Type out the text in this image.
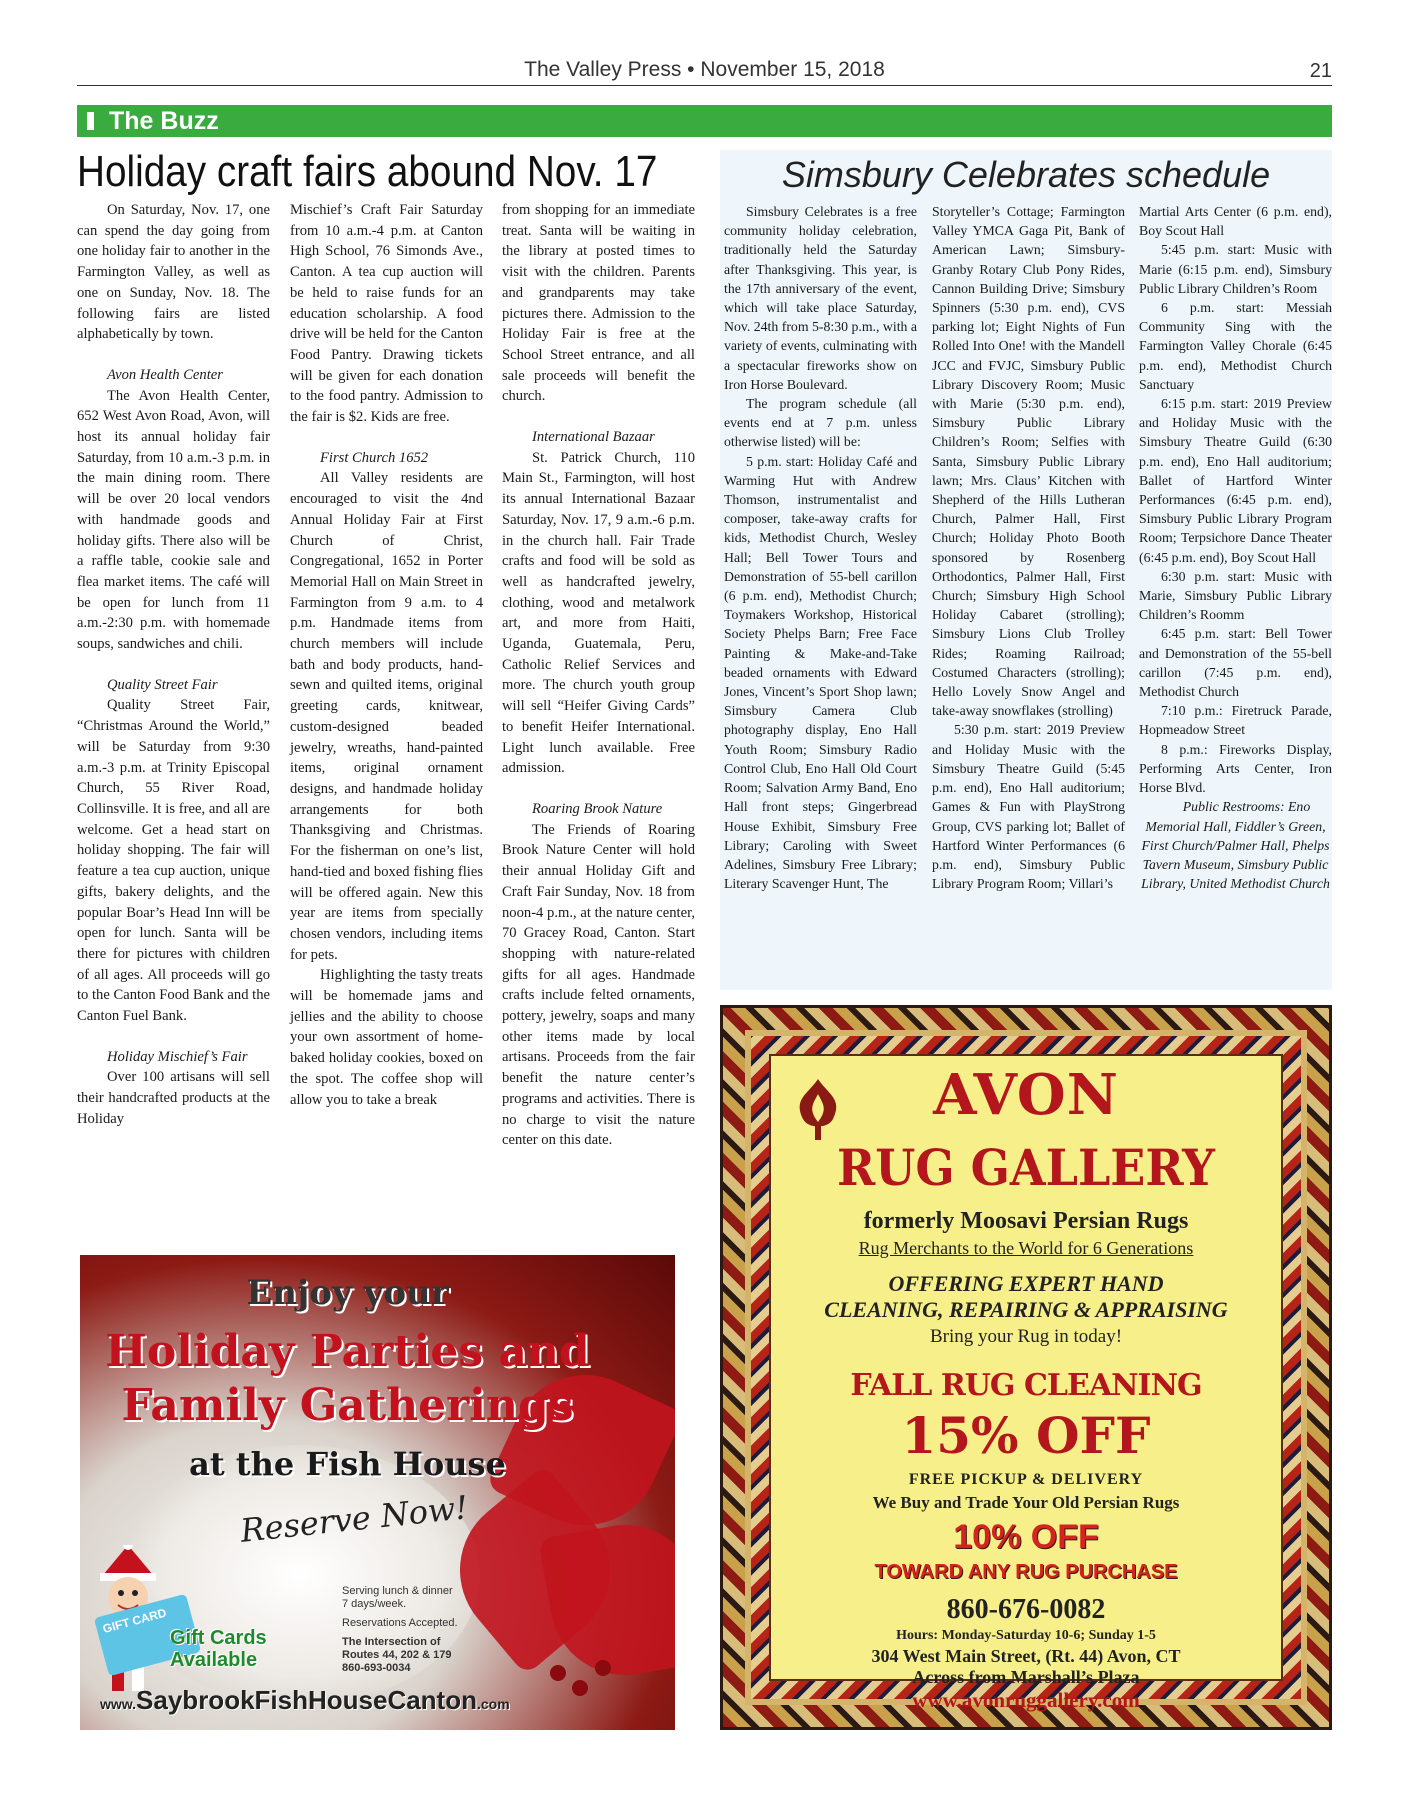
The Valley Press • November 15, 2018	21
The Buzz
Holiday craft fairs abound Nov. 17

On Saturday, Nov. 17, one can spend the day going from one holiday fair to another in the Farmington Valley, as well as one on Sunday, Nov. 18. The following fairs are listed alphabetically by town.

Avon Health Center

The Avon Health Center, 652 West Avon Road, Avon, will host its annual holiday fair Saturday, from 10 a.m.-3 p.m. in the main dining room. There will be over 20 local vendors with handmade goods and holiday gifts. There also will be a raffle table, cookie sale and flea market items. The café will be open for lunch from 11 a.m.-2:30 p.m. with homemade soups, sandwiches and chili.

Quality Street Fair

Quality Street Fair, “Christmas Around the World,” will be Saturday from 9:30 a.m.-3 p.m. at Trinity Episcopal Church, 55 River Road, Collinsville. It is free, and all are welcome. Get a head start on holiday shopping. The fair will feature a tea cup auction, unique gifts, bakery delights, and the popular Boar’s Head Inn will be open for lunch. Santa will be there for pictures with children of all ages. All proceeds will go to the Canton Food Bank and the Canton Fuel Bank.

Holiday Mischief’s Fair

Over 100 artisans will sell their handcrafted products at the Holiday

Mischief’s Craft Fair Saturday from 10 a.m.-4 p.m. at Canton High School, 76 Simonds Ave., Canton. A tea cup auction will be held to raise funds for an education scholarship. A food drive will be held for the Canton Food Pantry. Drawing tickets will be given for each donation to the food pantry. Admission to the fair is $2. Kids are free.

First Church 1652

All Valley residents are encouraged to visit the 4nd Annual Holiday Fair at First Church of Christ, Congregational, 1652 in Porter Memorial Hall on Main Street in Farmington from 9 a.m. to 4 p.m. Handmade items from church members will include bath and body products, hand-sewn and quilted items, original greeting cards, knitwear, custom-designed beaded jewelry, wreaths, hand-painted items, original ornament designs, and handmade holiday arrangements for both Thanksgiving and Christmas. For the fisherman on one’s list, hand-tied and boxed fishing flies will be offered again. New this year are items from specially chosen vendors, including items for pets.

Highlighting the tasty treats will be homemade jams and jellies and the ability to choose your own assortment of home-baked holiday cookies, boxed on the spot. The coffee shop will allow you to take a break

from shopping for an immediate treat. Santa will be waiting in the library at posted times to visit with the children. Parents and grandparents may take pictures there. Admission to the Holiday Fair is free at the School Street entrance, and all sale proceeds will benefit the church.

International Bazaar

St. Patrick Church, 110 Main St., Farmington, will host its annual International Bazaar Saturday, Nov. 17, 9 a.m.-6 p.m. in the church hall. Fair Trade crafts and food will be sold as well as handcrafted jewelry, clothing, wood and metalwork art, and more from Haiti, Uganda, Guatemala, Peru, Catholic Relief Services and more. The church youth group will sell “Heifer Giving Cards” to benefit Heifer International. Light lunch available. Free admission.

Roaring Brook Nature

The Friends of Roaring Brook Nature Center will hold their annual Holiday Gift and Craft Fair Sunday, Nov. 18 from noon-4 p.m., at the nature center, 70 Gracey Road, Canton. Start shopping with nature-related gifts for all ages. Handmade crafts include felted ornaments, pottery, jewelry, soaps and many other items made by local artisans. Proceeds from the fair benefit the nature center’s programs and activities. There is no charge to visit the nature center on this date.

Enjoy your
Holiday Parties and
Family Gatherings
at the Fish House
Reserve Now!
GIFT CARD
Gift Cards
Available
Serving lunch & dinner
7 days/week.
Reservations Accepted.
The Intersection of
Routes 44, 202 & 179
860-693-0034
www.SaybrookFishHouseCanton.com
Simsbury Celebrates schedule

Simsbury Celebrates is a free community holiday celebration, traditionally held the Saturday after Thanksgiving. This year, is the 17th anniversary of the event, which will take place Saturday, Nov. 24th from 5-8:30 p.m., with a variety of events, culminating with a spectacular fireworks show on Iron Horse Boulevard.

The program schedule (all events end at 7 p.m. unless otherwise listed) will be:

5 p.m. start: Holiday Café and Warming Hut with Andrew Thomson, instrumentalist and composer, take-away crafts for kids, Methodist Church, Wesley Hall; Bell Tower Tours and Demonstration of 55-bell carillon (6 p.m. end), Methodist Church; Toymakers Workshop, Historical Society Phelps Barn; Free Face Painting & Make-and-Take beaded ornaments with Edward Jones, Vincent’s Sport Shop lawn; Simsbury Camera Club photography display, Eno Hall Youth Room; Simsbury Radio Control Club, Eno Hall Old Court Room; Salvation Army Band, Eno Hall front steps; Gingerbread House Exhibit, Simsbury Free Library; Caroling with Sweet Adelines, Simsbury Free Library; Literary Scavenger Hunt, The

Storyteller’s Cottage; Farmington Valley YMCA Gaga Pit, Bank of American Lawn; Simsbury-Granby Rotary Club Pony Rides, Cannon Building Drive; Simsbury Spinners (5:30 p.m. end), CVS parking lot; Eight Nights of Fun Rolled Into One! with the Mandell JCC and FVJC, Simsbury Public Library Discovery Room; Music with Marie (5:30 p.m. end), Simsbury Public Library Children’s Room; Selfies with Santa, Simsbury Public Library lawn; Mrs. Claus’ Kitchen with Shepherd of the Hills Lutheran Church, Palmer Hall, First Church; Holiday Photo Booth sponsored by Rosenberg Orthodontics, Palmer Hall, First Church; Simsbury High School Holiday Cabaret (strolling); Simsbury Lions Club Trolley Rides; Roaming Railroad; Costumed Characters (strolling); Hello Lovely Snow Angel and take-away snowflakes (strolling)

5:30 p.m. start: 2019 Preview and Holiday Music with the Simsbury Theatre Guild (5:45 p.m. end), Eno Hall auditorium; Games & Fun with PlayStrong Group, CVS parking lot; Ballet of Hartford Winter Performances (6 p.m. end), Simsbury Public Library Program Room; Villari’s

Martial Arts Center (6 p.m. end), Boy Scout Hall

5:45 p.m. start: Music with Marie (6:15 p.m. end), Simsbury Public Library Children’s Room

6 p.m. start: Messiah Community Sing with the Farmington Valley Chorale (6:45 p.m. end), Methodist Church Sanctuary

6:15 p.m. start: 2019 Preview and Holiday Music with the Simsbury Theatre Guild (6:30 p.m. end), Eno Hall auditorium; Ballet of Hartford Winter Performances (6:45 p.m. end), Simsbury Public Library Program Room; Terpsichore Dance Theater (6:45 p.m. end), Boy Scout Hall

6:30 p.m. start: Music with Marie, Simsbury Public Library Children’s Roomm

6:45 p.m. start: Bell Tower and Demonstration of the 55-bell carillon (7:45 p.m. end), Methodist Church

7:10 p.m.: Firetruck Parade, Hopmeadow Street

8 p.m.: Fireworks Display, Performing Arts Center, Iron Horse Blvd.

Public Restrooms: Eno Memorial Hall, Fiddler’s Green, First Church/Palmer Hall, Phelps Tavern Museum, Simsbury Public Library, United Methodist Church

AVON
RUG GALLERY
formerly Moosavi Persian Rugs
Rug Merchants to the World for 6 Generations
OFFERING EXPERT HAND
CLEANING, REPAIRING & APPRAISING
Bring your Rug in today!
FALL RUG CLEANING
15% OFF
FREE PICKUP & DELIVERY
We Buy and Trade Your Old Persian Rugs
10% OFF
TOWARD ANY RUG PURCHASE
860-676-0082
Hours: Monday-Saturday 10-6; Sunday 1-5
304 West Main Street, (Rt. 44) Avon, CT
Across from Marshall’s Plaza
www.avonruggallery.com
